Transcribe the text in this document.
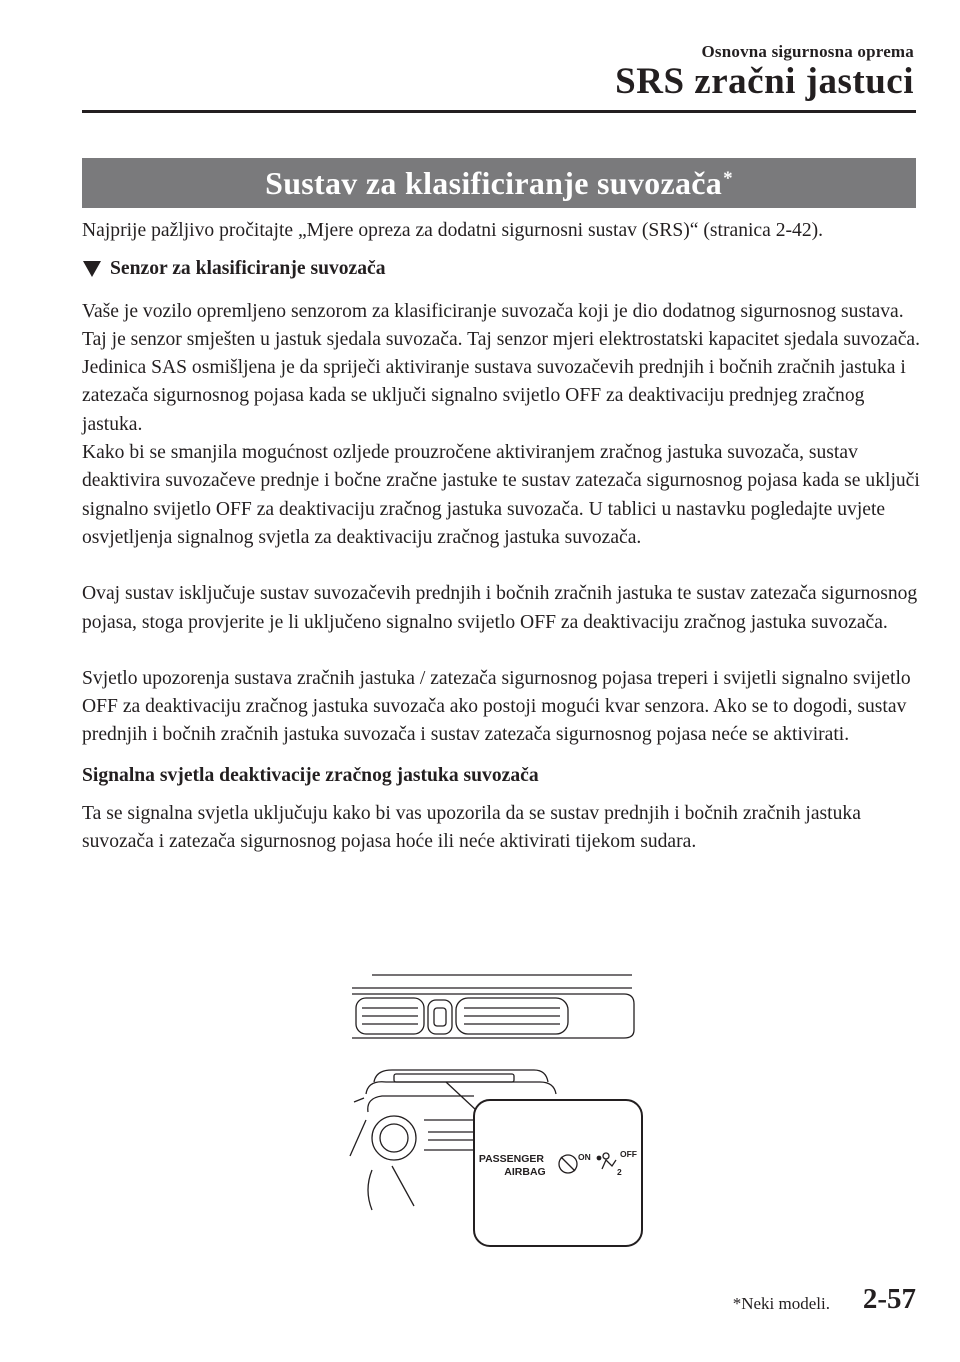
Osnovna sigurnosna oprema
SRS zračni jastuci
Sustav za klasificiranje suvozača*

Najprije pažljivo pročitajte „Mjere opreza za dodatni sigurnosni sustav (SRS)“ (stranica 2-42).

Senzor za klasificiranje suvozača

Vaše je vozilo opremljeno senzorom za klasificiranje suvozača koji je dio dodatnog sigurnosnog sustava. Taj je senzor smješten u jastuk sjedala suvozača. Taj senzor mjeri elektrostatski kapacitet sjedala suvozača. Jedinica SAS osmišljena je da spriječi aktiviranje sustava suvozačevih prednjih i bočnih zračnih jastuka i zatezača sigurnosnog pojasa kada se uključi signalno svijetlo OFF za deaktivaciju prednjeg zračnog jastuka.

Kako bi se smanjila mogućnost ozljede prouzročene aktiviranjem zračnog jastuka suvozača, sustav deaktivira suvozačeve prednje i bočne zračne jastuke te sustav zatezača sigurnosnog pojasa kada se uključi signalno svijetlo OFF za deaktivaciju zračnog jastuka suvozača. U tablici u nastavku pogledajte uvjete osvjetljenja signalnog svjetla za deaktivaciju zračnog jastuka suvozača.

Ovaj sustav isključuje sustav suvozačevih prednjih i bočnih zračnih jastuka te sustav zatezača sigurnosnog pojasa, stoga provjerite je li uključeno signalno svijetlo OFF za deaktivaciju zračnog jastuka suvozača.

Svjetlo upozorenja sustava zračnih jastuka / zatezača sigurnosnog pojasa treperi i svijetli signalno svijetlo OFF za deaktivaciju zračnog jastuka suvozača ako postoji mogući kvar senzora. Ako se to dogodi, sustav prednjih i bočnih zračnih jastuka suvozača i sustav zatezača sigurnosnog pojasa neće se aktivirati.

Signalna svjetla deaktivacije zračnog jastuka suvozača

Ta se signalna svjetla uključuju kako bi vas upozorila da se sustav prednjih i bočnih zračnih jastuka suvozača i zatezača sigurnosnog pojasa hoće ili neće aktivirati tijekom sudara.

PASSENGER
AIRBAG
ON	OFF
2
*Neki modeli. 2-57
